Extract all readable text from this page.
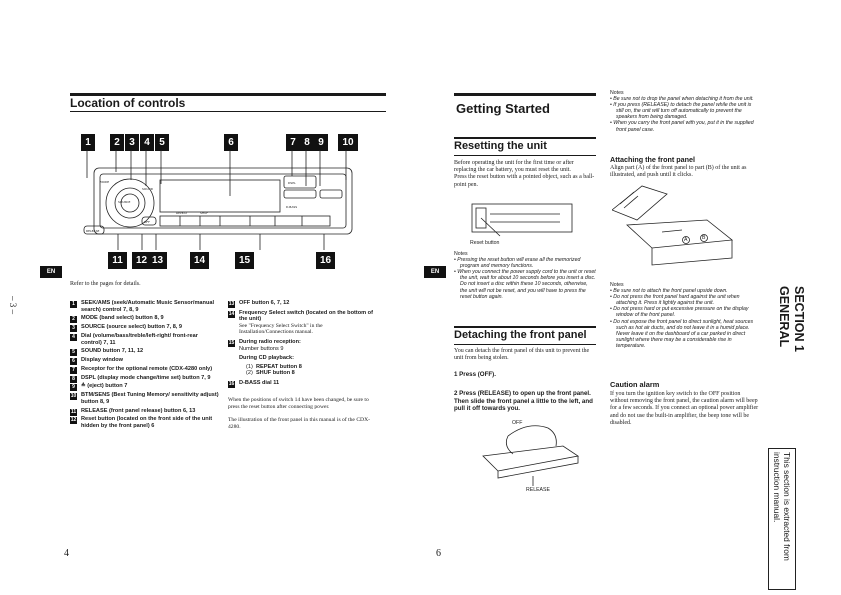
– 3 –
Location of controls
1	2 3 4 5	6	7 8 9	10
MODE
SOURCE
SOUND
DSPL
D-BASS
REPEAT	SHUF
OFF
RELEASE
11	12 13	14	15	16
EN
Refer to the pages for details.
1	SEEK/AMS (seek/Automatic Music Sensor/manual search) control 7, 8, 9
2	MODE (band select) button 8, 9
3	SOURCE (source select) button 7, 8, 9
4	Dial (volume/bass/treble/left-right/ front-rear control) 7, 11
5	SOUND button 7, 11, 12
6	Display window
7	Receptor for the optional remote (CDX-4280 only)
8	DSPL (display mode change/time set) button 7, 9
9	≙ (eject) button 7
10 BTM/SENS (Best Tuning Memory/ sensitivity adjust) button 8, 9
11 RELEASE (front panel release) button 6, 13
12 Reset button (located on the front side of the unit hidden by the front panel) 6
13 OFF button 6, 7, 12
14 Frequency Select switch (located on the bottom of the unit)
See "Frequency Select Switch" in the Installation/Connections manual.
15 During radio reception:
Number buttons 9
During CD playback:
(1) REPEAT button 8
(2) SHUF button 8
16 D-BASS dial 11
When the positions of switch 14 have been changed, be sure to press the reset button after connecting power.
The illustration of the front panel in this manual is of the CDX-4280.
4
Getting Started
Resetting the unit
Before operating the unit for the first time or after replacing the car battery, you must reset the unit.
Press the reset button with a pointed object, such as a ball-point pen.
Reset button
Notes
• Pressing the reset button will erase all the memorized program and memory functions.
• When you connect the power supply cord to the unit or reset the unit, wait for about 10 seconds before you insert a disc. Do not insert a disc within these 10 seconds, otherwise, the unit will not be reset, and you will have to press the reset button again.
EN
Detaching the front panel
You can detach the front panel of this unit to prevent the unit from being stolen.
1 Press (OFF).
2 Press (RELEASE) to open up the front panel. Then slide the front panel a little to the left, and pull it off towards you.
OFF
RELEASE
6
Notes
• Be sure not to drop the panel when detaching it from the unit.
• If you press (RELEASE) to detach the panel while the unit is still on, the unit will turn off automatically to prevent the speakers from being damaged.
• When you carry the front panel with you, put it in the supplied front panel case.
Attaching the front panel
Align part (A) of the front panel to part (B) of the unit as illustrated, and push until it clicks.
A	B
Notes
• Be sure not to attach the front panel upside down.
• Do not press the front panel hard against the unit when attaching it. Press it lightly against the unit.
• Do not press hard or put excessive pressure on the display window of the front panel.
• Do not expose the front panel to direct sunlight, heat sources such as hot air ducts, and do not leave it in a humid place. Never leave it on the dashboard of a car parked in direct sunlight where there may be a considerable rise in temperature.
Caution alarm
If you turn the ignition key switch to the OFF position without removing the front panel, the caution alarm will beep for a few seconds. If you connect an optional power amplifier and do not use the built-in amplifier, the beep tone will be disabled.
SECTION 1
GENERAL
This section is extracted from instruction manual.
